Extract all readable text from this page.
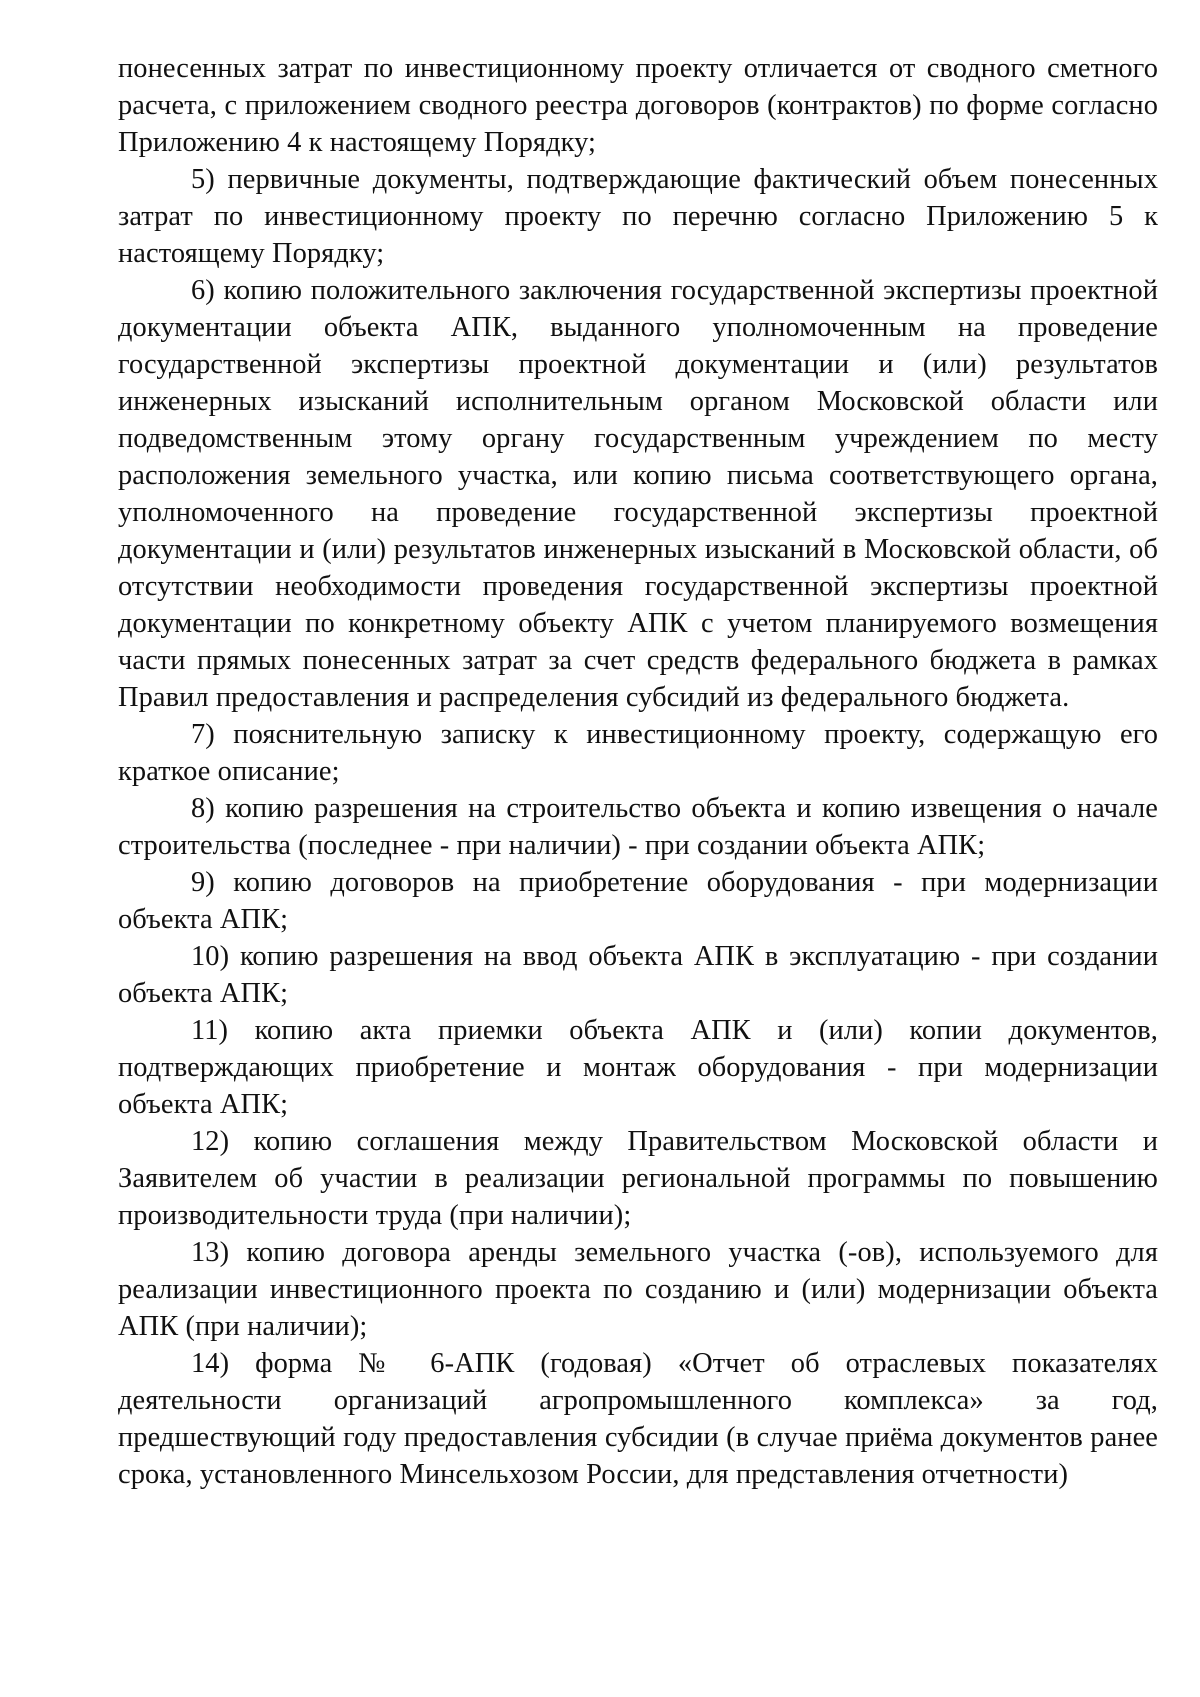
понесенных затрат по инвестиционному проекту отличается от сводного сметного расчета, с приложением сводного реестра договоров (контрактов) по форме согласно Приложению 4 к настоящему Порядку;

5) первичные документы, подтверждающие фактический объем понесенных затрат по инвестиционному проекту по перечню согласно Приложению 5 к настоящему Порядку;

6) копию положительного заключения государственной экспертизы проектной документации объекта АПК, выданного уполномоченным на проведение государственной экспертизы проектной документации и (или) результатов инженерных изысканий исполнительным органом Московской области или подведомственным этому органу государственным учреждением по месту расположения земельного участка, или копию письма соответствующего органа, уполномоченного на проведение государственной экспертизы проектной документации и (или) результатов инженерных изысканий в Московской области, об отсутствии необходимости проведения государственной экспертизы проектной документации по конкретному объекту АПК с учетом планируемого возмещения части прямых понесенных затрат за счет средств федерального бюджета в рамках Правил предоставления и распределения субсидий из федерального бюджета.

7) пояснительную записку к инвестиционному проекту, содержащую его краткое описание;

8) копию разрешения на строительство объекта и копию извещения о начале строительства (последнее - при наличии) - при создании объекта АПК;

9) копию договоров на приобретение оборудования - при модернизации объекта АПК;

10) копию разрешения на ввод объекта АПК в эксплуатацию - при создании объекта АПК;

11) копию акта приемки объекта АПК и (или) копии документов, подтверждающих приобретение и монтаж оборудования - при модернизации объекта АПК;

12) копию соглашения между Правительством Московской области и Заявителем об участии в реализации региональной программы по повышению производительности труда (при наличии);

13) копию договора аренды земельного участка (-ов), используемого для реализации инвестиционного проекта по созданию и (или) модернизации объекта АПК (при наличии);

14) форма № 6-АПК (годовая) «Отчет об отраслевых показателях деятельности организаций агропромышленного комплекса» за год, предшествующий году предоставления субсидии (в случае приёма документов ранее срока, установленного Минсельхозом России, для представления отчетности)
